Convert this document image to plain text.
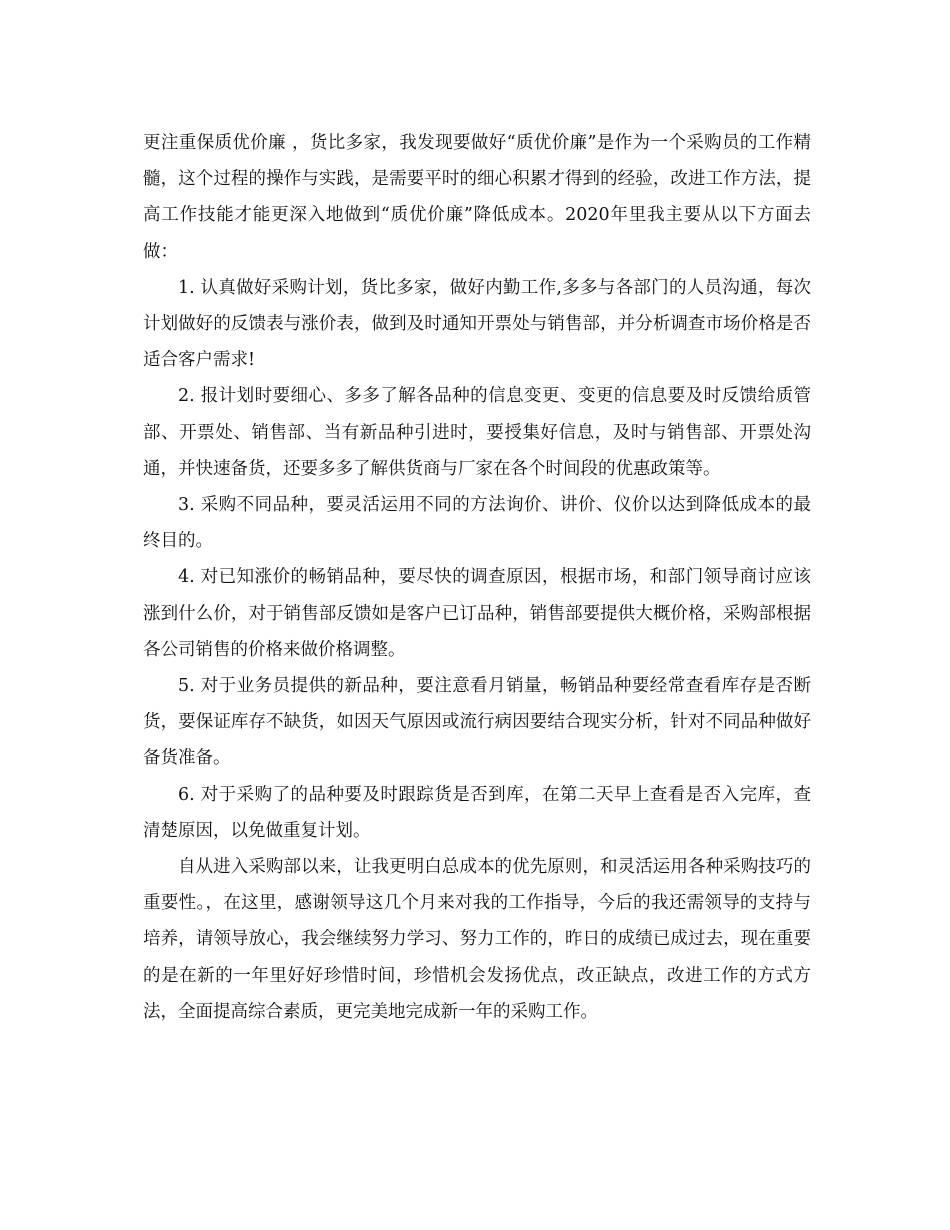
更注重保质优价廉 ，货比多家，我发现要做好“质优价廉”是作为一个采购员的工作精髓，这个过程的操作与实践，是需要平时的细心积累才得到的经验，改进工作方法，提高工作技能才能更深入地做到“质优价廉”降低成本。2020年里我主要从以下方面去做：

1. 认真做好采购计划，货比多家，做好内勤工作,多多与各部门的人员沟通，每次计划做好的反馈表与涨价表，做到及时通知开票处与销售部，并分析调查市场价格是否适合客户需求!

2. 报计划时要细心、多多了解各品种的信息变更、变更的信息要及时反馈给质管部、开票处、销售部、当有新品种引进时，要授集好信息，及时与销售部、开票处沟通，并快速备货，还要多多了解供货商与厂家在各个时间段的优惠政策等。

3. 采购不同品种，要灵活运用不同的方法询价、讲价、仪价以达到降低成本的最终目的。

4. 对已知涨价的畅销品种，要尽快的调查原因，根据市场，和部门领导商讨应该涨到什么价，对于销售部反馈如是客户已订品种，销售部要提供大概价格，采购部根据各公司销售的价格来做价格调整。

5. 对于业务员提供的新品种，要注意看月销量，畅销品种要经常查看库存是否断货，要保证库存不缺货，如因天气原因或流行病因要结合现实分析，针对不同品种做好备货准备。

6. 对于采购了的品种要及时跟踪货是否到库，在第二天早上查看是否入完库，查清楚原因，以免做重复计划。

自从进入采购部以来，让我更明白总成本的优先原则，和灵活运用各种采购技巧的重要性。，在这里，感谢领导这几个月来对我的工作指导，今后的我还需领导的支持与培养，请领导放心，我会继续努力学习、努力工作的，昨日的成绩已成过去，现在重要的是在新的一年里好好珍惜时间，珍惜机会发扬优点，改正缺点，改进工作的方式方法，全面提高综合素质，更完美地完成新一年的采购工作。
